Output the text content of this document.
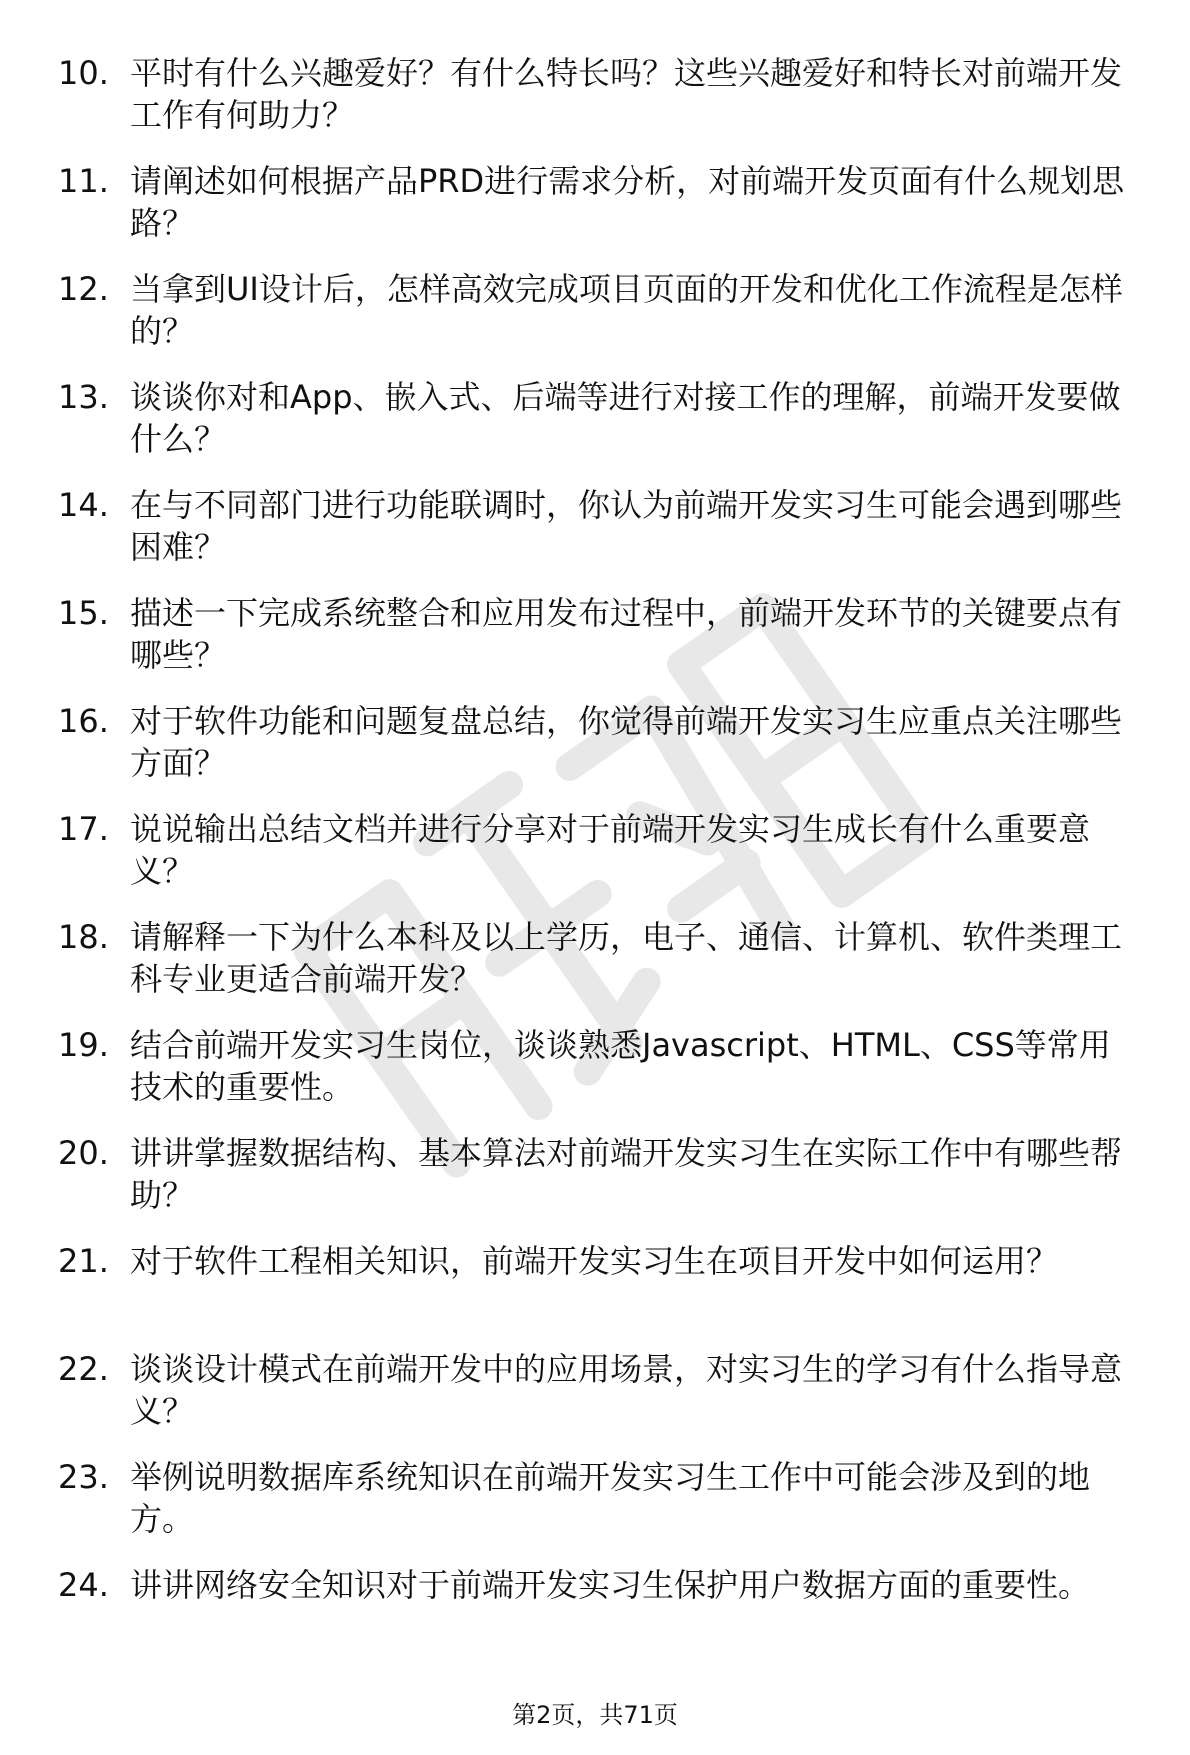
10. 平时有什么兴趣爱好？有什么特长吗？这些兴趣爱好和特长对前端开发工作有何助力？
11. 请阐述如何根据产品PRD进行需求分析，对前端开发页面有什么规划思路？
12. 当拿到UI设计后，怎样高效完成项目页面的开发和优化工作流程是怎样的？
13. 谈谈你对和App、嵌入式、后端等进行对接工作的理解，前端开发要做什么？
14. 在与不同部门进行功能联调时，你认为前端开发实习生可能会遇到哪些困难？
15. 描述一下完成系统整合和应用发布过程中，前端开发环节的关键要点有哪些？
16. 对于软件功能和问题复盘总结，你觉得前端开发实习生应重点关注哪些方面？
17. 说说输出总结文档并进行分享对于前端开发实习生成长有什么重要意义？
18. 请解释一下为什么本科及以上学历，电子、通信、计算机、软件类理工科专业更适合前端开发？
19. 结合前端开发实习生岗位，谈谈熟悉Javascript、HTML、CSS等常用技术的重要性。
20. 讲讲掌握数据结构、基本算法对前端开发实习生在实际工作中有哪些帮助？
21. 对于软件工程相关知识，前端开发实习生在项目开发中如何运用？
22. 谈谈设计模式在前端开发中的应用场景，对实习生的学习有什么指导意义？
23. 举例说明数据库系统知识在前端开发实习生工作中可能会涉及到的地方。
24. 讲讲网络安全知识对于前端开发实习生保护用户数据方面的重要性。
第2页，共71页
